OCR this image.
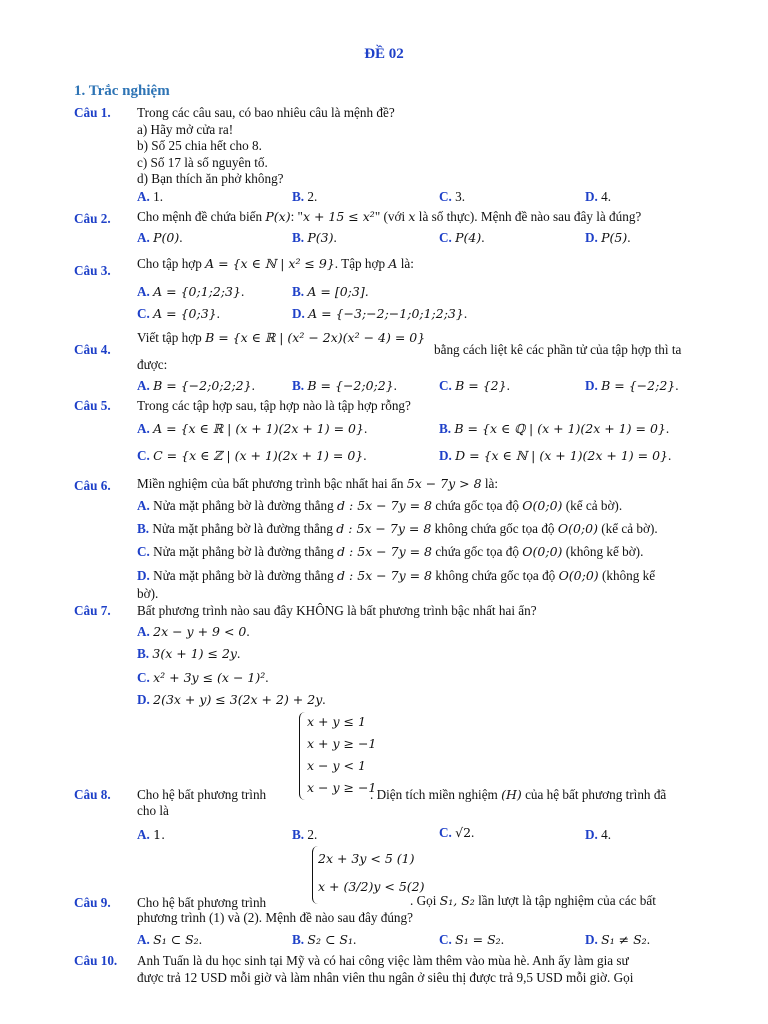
ĐỀ 02
1. Trắc nghiệm
Câu 1. Trong các câu sau, có bao nhiêu câu là mệnh đề?
a) Hãy mở cửa ra!
b) Số 25 chia hết cho 8.
c) Số 17 là số nguyên tố.
d) Bạn thích ăn phở không?
A. 1.	B. 2.	C. 3.	D. 4.
Câu 2. Cho mệnh đề chứa biến P(x): "x + 15 ≤ x²" (với x là số thực). Mệnh đề nào sau đây là đúng?
A. P(0).	B. P(3).	C. P(4).	D. P(5).
Câu 3. Cho tập hợp A = {x ∈ ℕ | x² ≤ 9}. Tập hợp A là:
A. A = {0;1;2;3}.	B. A = [0;3].
C. A = {0;3}.	D. A = {−3;−2;−1;0;1;2;3}.
Câu 4.
Viết tập hợp B = {x ∈ ℝ | (x² − 2x)(x² − 4) = 0}
bằng cách liệt kê các phần tử của tập hợp thì ta
được:
A. B = {−2;0;2;2}.	B. B = {−2;0;2}.	C. B = {2}.	D. B = {−2;2}.
Câu 5. Trong các tập hợp sau, tập hợp nào là tập hợp rỗng?
A. A = {x ∈ ℝ | (x + 1)(2x + 1) = 0}.	B. B = {x ∈ ℚ | (x + 1)(2x + 1) = 0}.
C. C = {x ∈ ℤ | (x + 1)(2x + 1) = 0}.	D. D = {x ∈ ℕ | (x + 1)(2x + 1) = 0}.
Câu 6. Miền nghiệm của bất phương trình bậc nhất hai ẩn 5x − 7y > 8 là:
A. Nửa mặt phẳng bờ là đường thẳng d : 5x − 7y = 8 chứa gốc tọa độ O(0;0) (kể cả bờ).
B. Nửa mặt phẳng bờ là đường thẳng d : 5x − 7y = 8 không chứa gốc tọa độ O(0;0) (kể cả bờ).
C. Nửa mặt phẳng bờ là đường thẳng d : 5x − 7y = 8 chứa gốc tọa độ O(0;0) (không kể bờ).
D. Nửa mặt phẳng bờ là đường thẳng d : 5x − 7y = 8 không chứa gốc tọa độ O(0;0) (không kể
bờ).
Câu 7. Bất phương trình nào sau đây KHÔNG là bất phương trình bậc nhất hai ẩn?
A. 2x − y + 9 < 0.
B. 3(x + 1) ≤ 2y.
C. x² + 3y ≤ (x − 1)².
D. 2(3x + y) ≤ 3(2x + 2) + 2y.
Câu 8. Cho hệ bất phương trình
x + y ≤ 1
x + y ≥ −1
x − y < 1
x − y ≥ −1
. Diện tích miền nghiệm (H) của hệ bất phương trình đã
cho là
A. 1.	B. 2.	C. √2.	D. 4.
Câu 9. Cho hệ bất phương trình
2x + 3y < 5 (1)
x + (3/2)y < 5(2)
. Gọi S₁, S₂ lần lượt là tập nghiệm của các bất
phương trình (1) và (2). Mệnh đề nào sau đây đúng?
A. S₁ ⊂ S₂.	B. S₂ ⊂ S₁.	C. S₁ = S₂.	D. S₁ ≠ S₂.
Câu 10. Anh Tuấn là du học sinh tại Mỹ và có hai công việc làm thêm vào mùa hè. Anh ấy làm gia sư
được trả 12 USD mỗi giờ và làm nhân viên thu ngân ở siêu thị được trả 9,5 USD mỗi giờ. Gọi
